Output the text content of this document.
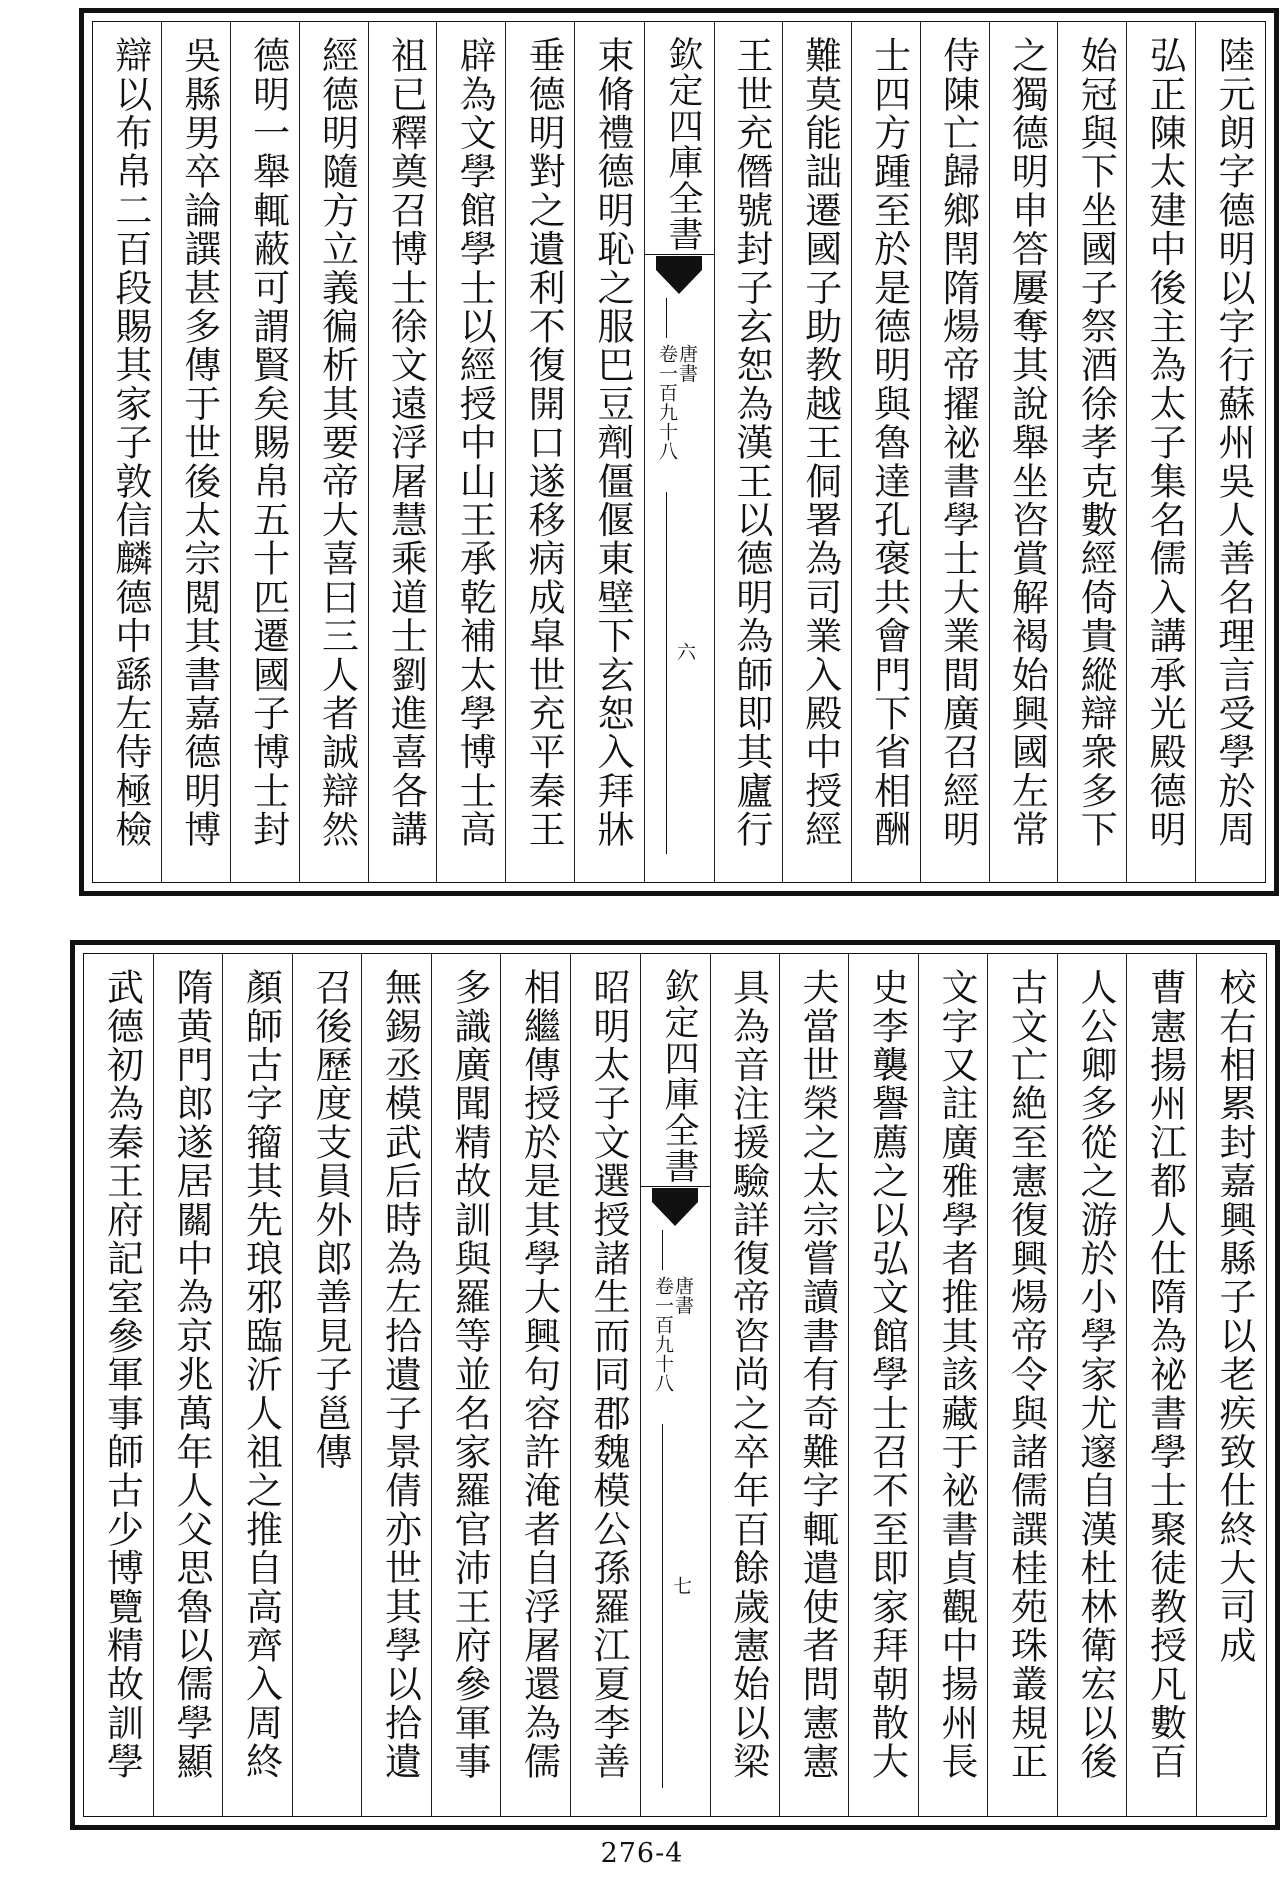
陸元朗字德明以字行蘇州吳人善名理言受學於周
弘正陳太建中後主為太子集名儒入講承光殿德明
始冠與下坐國子祭酒徐孝克數經倚貴縱辯衆多下
之獨德明申答屢奪其說舉坐咨賞解褐始興國左常
侍陳亡歸鄉閈隋煬帝擢祕書學士大業間廣召經明
士四方踵至於是德明與魯達孔褒共會門下省相酬
難莫能詘遷國子助教越王侗署為司業入殿中授經
王世充僭號封子玄恕為漢王以德明為師即其廬行
欽定四庫全書
唐書
卷一百九十八
六
束脩禮德明恥之服巴豆劑僵偃東壁下玄恕入拜牀
垂德明對之遺利不復開口遂移病成皐世充平秦王
辟為文學館學士以經授中山王承乾補太學博士高
祖已釋奠召博士徐文遠浮屠慧乘道士劉進喜各講
經德明隨方立義徧析其要帝大喜曰三人者誠辯然
德明一舉輒蔽可謂賢矣賜帛五十匹遷國子博士封
吳縣男卒論譔甚多傳于世後太宗閲其書嘉德明博
辯以布帛二百段賜其家子敦信麟德中繇左侍極檢
校右相累封嘉興縣子以老疾致仕終大司成
曹憲揚州江都人仕隋為祕書學士聚徒教授凡數百
人公卿多從之游於小學家尤邃自漢杜林衛宏以後
古文亡絶至憲復興煬帝令與諸儒譔桂苑珠叢規正
文字又註廣雅學者推其該藏于祕書貞觀中揚州長
史李襲譽薦之以弘文館學士召不至即家拜朝散大
夫當世榮之太宗嘗讀書有奇難字輒遣使者問憲憲
具為音注援驗詳復帝咨尚之卒年百餘歲憲始以梁
欽定四庫全書
唐書
卷一百九十八
七
昭明太子文選授諸生而同郡魏模公孫羅江夏李善
相繼傳授於是其學大興句容許淹者自浮屠還為儒
多識廣聞精故訓與羅等並名家羅官沛王府參軍事
無錫丞模武后時為左拾遺子景倩亦世其學以拾遺
召後歷度支員外郎善見子邕傳
顏師古字籀其先琅邪臨沂人祖之推自高齊入周終
隋黄門郎遂居關中為京兆萬年人父思魯以儒學顯
武德初為秦王府記室參軍事師古少博覽精故訓學
276-4
